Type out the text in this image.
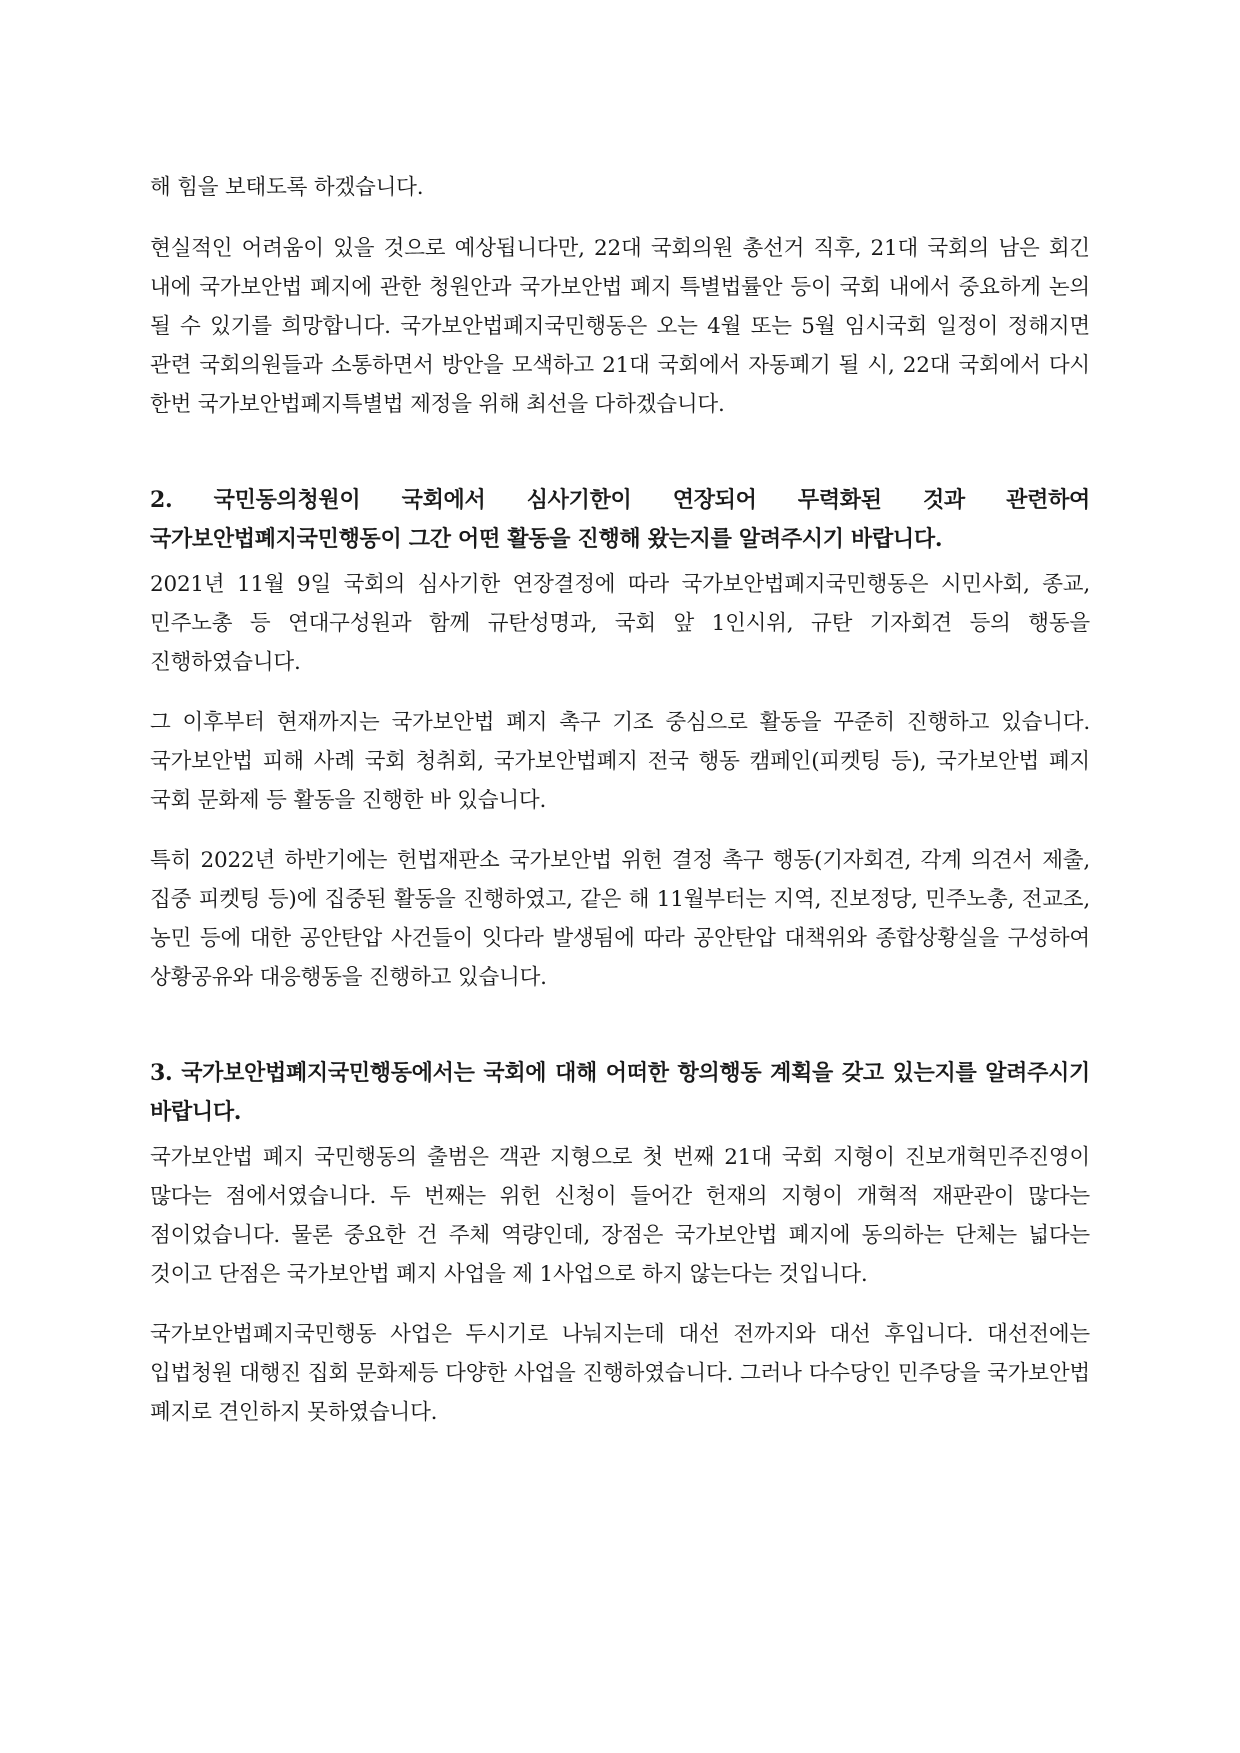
해 힘을 보태도록 하겠습니다.

현실적인 어려움이 있을 것으로 예상됩니다만, 22대 국회의원 총선거 직후, 21대 국회의 남은 회긴 내에 국가보안법 폐지에 관한 청원안과 국가보안법 폐지 특별법률안 등이 국회 내에서 중요하게 논의 될 수 있기를 희망합니다. 국가보안법폐지국민행동은 오는 4월 또는 5월 임시국회 일정이 정해지면 관련 국회의원들과 소통하면서 방안을 모색하고 21대 국회에서 자동폐기 될 시, 22대 국회에서 다시 한번 국가보안법폐지특별법 제정을 위해 최선을 다하겠습니다.

2. 국민동의청원이 국회에서 심사기한이 연장되어 무력화된 것과 관련하여 국가보안법폐지국민행동이 그간 어떤 활동을 진행해 왔는지를 알려주시기 바랍니다.

2021년 11월 9일 국회의 심사기한 연장결정에 따라 국가보안법폐지국민행동은 시민사회, 종교, 민주노총 등 연대구성원과 함께 규탄성명과, 국회 앞 1인시위, 규탄 기자회견 등의 행동을 진행하였습니다.

그 이후부터 현재까지는 국가보안법 폐지 촉구 기조 중심으로 활동을 꾸준히 진행하고 있습니다. 국가보안법 피해 사례 국회 청취회, 국가보안법폐지 전국 행동 캠페인(피켓팅 등), 국가보안법 폐지 국회 문화제 등 활동을 진행한 바 있습니다.

특히 2022년 하반기에는 헌법재판소 국가보안법 위헌 결정 촉구 행동(기자회견, 각계 의견서 제출, 집중 피켓팅 등)에 집중된 활동을 진행하였고, 같은 해 11월부터는 지역, 진보정당, 민주노총, 전교조, 농민 등에 대한 공안탄압 사건들이 잇다라 발생됨에 따라 공안탄압 대책위와 종합상황실을 구성하여 상황공유와 대응행동을 진행하고 있습니다.

3. 국가보안법폐지국민행동에서는 국회에 대해 어떠한 항의행동 계획을 갖고 있는지를 알려주시기 바랍니다.

국가보안법 폐지 국민행동의 출범은 객관 지형으로 첫 번째 21대 국회 지형이 진보개혁민주진영이 많다는 점에서였습니다. 두 번째는 위헌 신청이 들어간 헌재의 지형이 개혁적 재판관이 많다는 점이었습니다. 물론 중요한 건 주체 역량인데, 장점은 국가보안법 폐지에 동의하는 단체는 넓다는 것이고 단점은 국가보안법 폐지 사업을 제 1사업으로 하지 않는다는 것입니다.

국가보안법폐지국민행동 사업은 두시기로 나눠지는데 대선 전까지와 대선 후입니다. 대선전에는 입법청원 대행진 집회 문화제등 다양한 사업을 진행하였습니다. 그러나 다수당인 민주당을 국가보안법 폐지로 견인하지 못하였습니다.
